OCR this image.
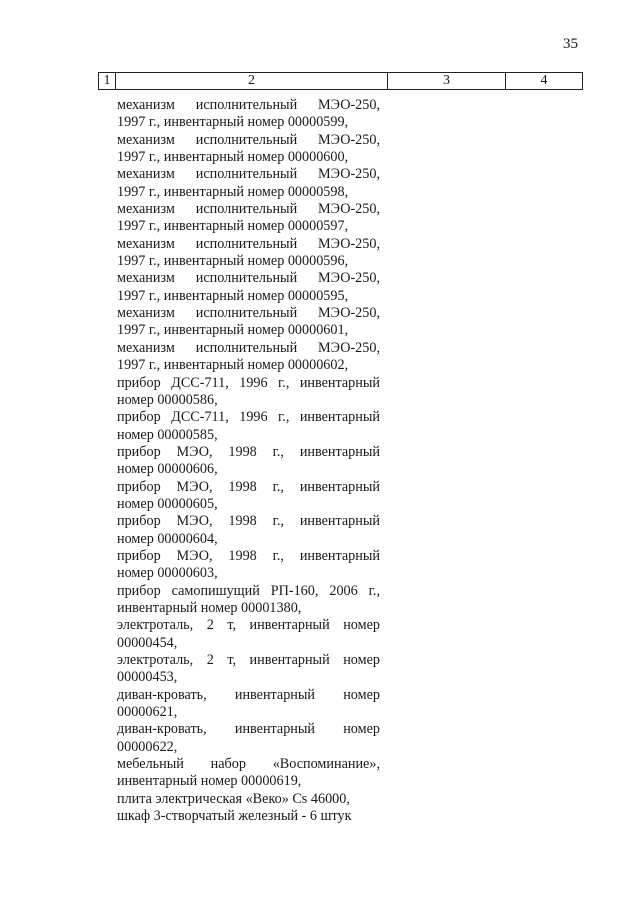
35
1	2	3	4
механизм исполнительный МЭО-250,
1997 г., инвентарный номер 00000599,
механизм исполнительный МЭО-250,
1997 г., инвентарный номер 00000600,
механизм исполнительный МЭО-250,
1997 г., инвентарный номер 00000598,
механизм исполнительный МЭО-250,
1997 г., инвентарный номер 00000597,
механизм исполнительный МЭО-250,
1997 г., инвентарный номер 00000596,
механизм исполнительный МЭО-250,
1997 г., инвентарный номер 00000595,
механизм исполнительный МЭО-250,
1997 г., инвентарный номер 00000601,
механизм исполнительный МЭО-250,
1997 г., инвентарный номер 00000602,
прибор ДСС-711, 1996 г., инвентарный
номер 00000586,
прибор ДСС-711, 1996 г., инвентарный
номер 00000585,
прибор МЭО, 1998 г., инвентарный
номер 00000606,
прибор МЭО, 1998 г., инвентарный
номер 00000605,
прибор МЭО, 1998 г., инвентарный
номер 00000604,
прибор МЭО, 1998 г., инвентарный
номер 00000603,
прибор самопишущий РП-160, 2006 г.,
инвентарный номер 00001380,
электроталь, 2 т, инвентарный номер
00000454,
электроталь, 2 т, инвентарный номер
00000453,
диван-кровать, инвентарный номер
00000621,
диван-кровать, инвентарный номер
00000622,
мебельный набор «Воспоминание»,
инвентарный номер 00000619,
плита электрическая «Веко» Cs 46000,
шкаф 3-створчатый железный - 6 штук
